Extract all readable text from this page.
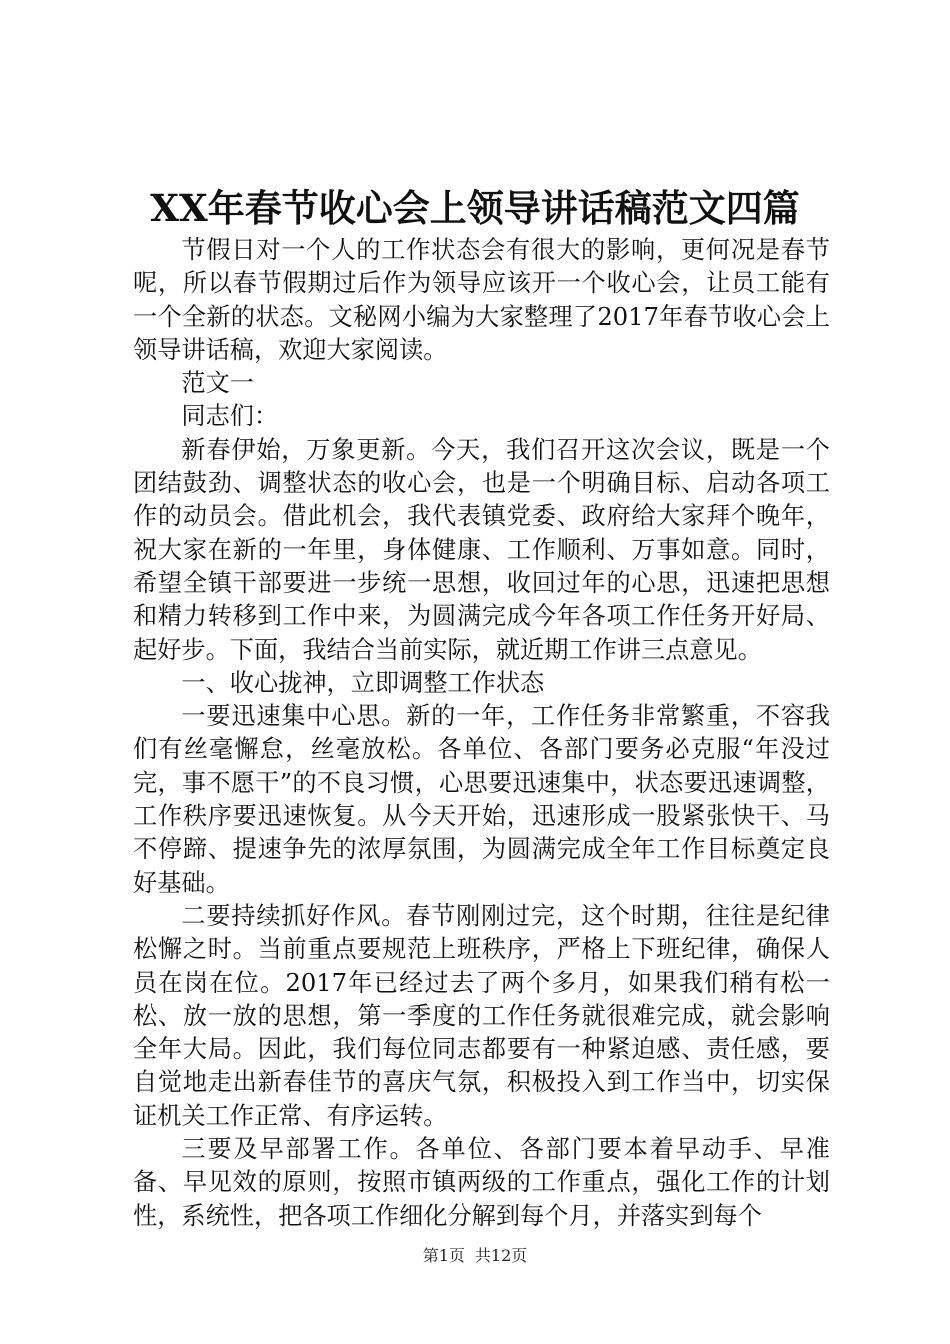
XX年春节收心会上领导讲话稿范文四篇

节假日对一个人的工作状态会有很大的影响，更何况是春节呢，所以春节假期过后作为领导应该开一个收心会，让员工能有一个全新的状态。文秘网小编为大家整理了2017年春节收心会上领导讲话稿，欢迎大家阅读。

范文一

同志们：

新春伊始，万象更新。今天，我们召开这次会议，既是一个团结鼓劲、调整状态的收心会，也是一个明确目标、启动各项工作的动员会。借此机会，我代表镇党委、政府给大家拜个晚年，祝大家在新的一年里，身体健康、工作顺利、万事如意。同时，希望全镇干部要进一步统一思想，收回过年的心思，迅速把思想和精力转移到工作中来，为圆满完成今年各项工作任务开好局、起好步。下面，我结合当前实际，就近期工作讲三点意见。

一、收心拢神，立即调整工作状态

一要迅速集中心思。新的一年，工作任务非常繁重，不容我们有丝毫懈怠，丝毫放松。各单位、各部门要务必克服“年没过完，事不愿干”的不良习惯，心思要迅速集中，状态要迅速调整，工作秩序要迅速恢复。从今天开始，迅速形成一股紧张快干、马不停蹄、提速争先的浓厚氛围，为圆满完成全年工作目标奠定良好基础。

二要持续抓好作风。春节刚刚过完，这个时期，往往是纪律松懈之时。当前重点要规范上班秩序，严格上下班纪律，确保人员在岗在位。2017年已经过去了两个多月，如果我们稍有松一松、放一放的思想，第一季度的工作任务就很难完成，就会影响全年大局。因此，我们每位同志都要有一种紧迫感、责任感，要自觉地走出新春佳节的喜庆气氛，积极投入到工作当中，切实保证机关工作正常、有序运转。

三要及早部署工作。各单位、各部门要本着早动手、早准备、早见效的原则，按照市镇两级的工作重点，强化工作的计划性，系统性，把各项工作细化分解到每个月，并落实到每个

第1页 共12页
